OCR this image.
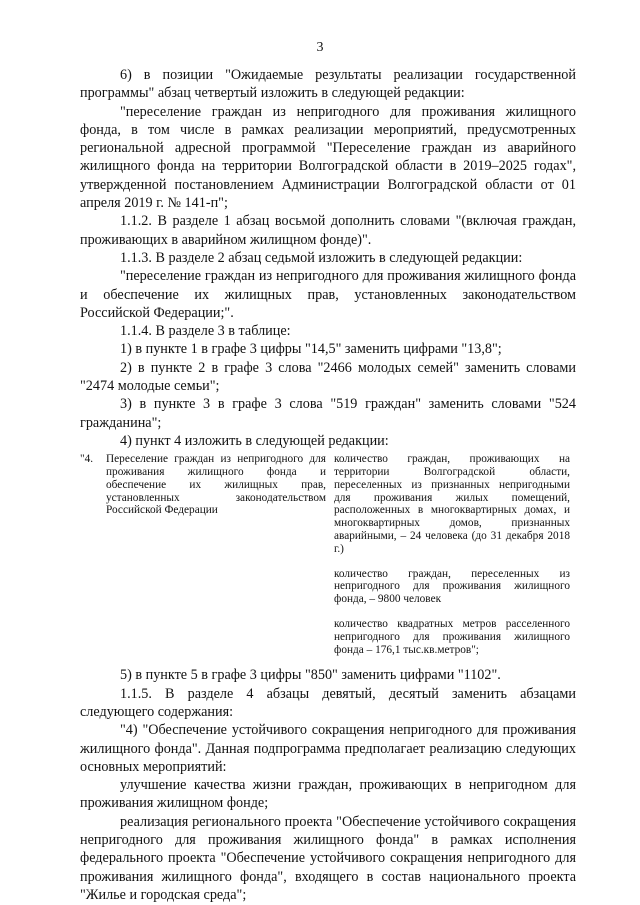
3

6) в позиции "Ожидаемые результаты реализации государственной программы" абзац четвертый изложить в следующей редакции:

"переселение граждан из непригодного для проживания жилищного фонда, в том числе в рамках реализации мероприятий, предусмотренных региональной адресной программой "Переселение граждан из аварийного жилищного фонда на территории Волгоградской области в 2019–2025 годах", утвержденной постановлением Администрации Волгоградской области от 01 апреля 2019 г. № 141-п";

1.1.2. В разделе 1 абзац восьмой дополнить словами "(включая граждан, проживающих в аварийном жилищном фонде)".

1.1.3. В разделе 2 абзац седьмой изложить в следующей редакции:

"переселение граждан из непригодного для проживания жилищного фонда и обеспечение их жилищных прав, установленных законодательством Российской Федерации;".

1.1.4. В разделе 3 в таблице:

1) в пункте 1 в графе 3 цифры "14,5" заменить цифрами "13,8";

2) в пункте 2 в графе 3 слова "2466 молодых семей" заменить словами "2474 молодые семьи";

3) в пункте 3 в графе 3 слова "519 граждан" заменить словами "524 гражданина";

4) пункт 4 изложить в следующей редакции:

"4.	Переселение граждан из непригодного для проживания жилищного фонда и обеспечение их жилищных прав, установленных законодательством Российской Федерации

количество граждан, проживающих на территории Волгоградской области, переселенных из признанных непригодными для проживания жилых помещений, расположенных в многоквартирных домах, и многоквартирных домов, признанных аварийными, – 24 человека (до 31 декабря 2018 г.)

количество граждан, переселенных из непригодного для проживания жилищного фонда, – 9800 человек

количество квадратных метров расселенного непригодного для проживания жилищного фонда – 176,1 тыс.кв.метров";

5) в пункте 5 в графе 3 цифры "850" заменить цифрами "1102".

1.1.5. В разделе 4 абзацы девятый, десятый заменить абзацами следующего содержания:

"4) "Обеспечение устойчивого сокращения непригодного для проживания жилищного фонда". Данная подпрограмма предполагает реализацию следующих основных мероприятий:

улучшение качества жизни граждан, проживающих в непригодном для проживания жилищном фонде;

реализация регионального проекта "Обеспечение устойчивого сокращения непригодного для проживания жилищного фонда" в рамках исполнения федерального проекта "Обеспечение устойчивого сокращения непригодного для проживания жилищного фонда", входящего в состав национального проекта "Жилье и городская среда";
